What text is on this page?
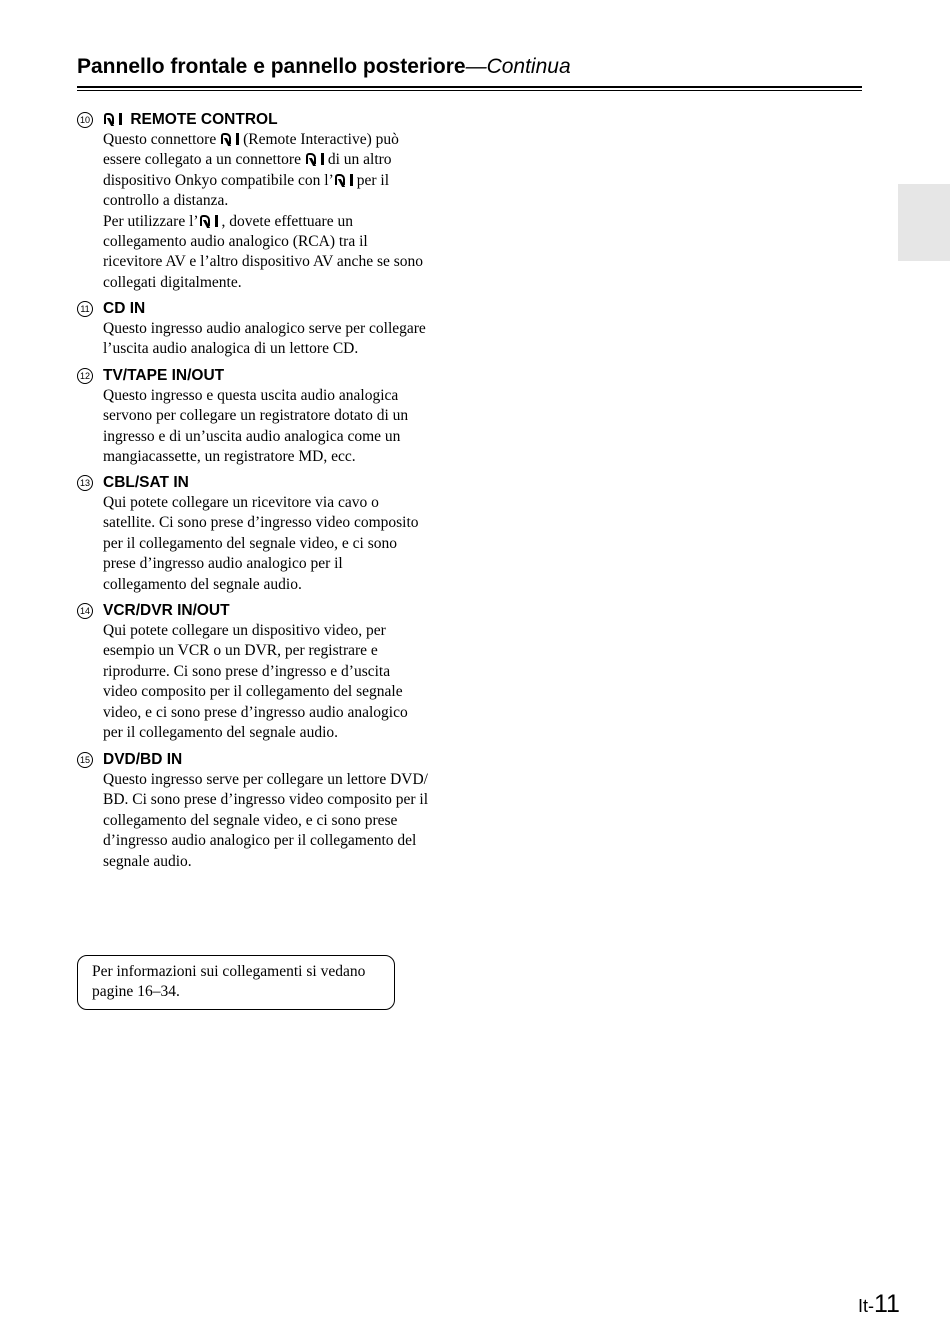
Pannello frontale e pannello posteriore—Continua
10	REMOTE CONTROL
Questo connettore
(Remote Interactive) può
essere collegato a un connettore
di un altro
dispositivo Onkyo compatibile con l’ per il
controllo a distanza.
Per utilizzare l’ , dovete effettuare un
collegamento audio analogico (RCA) tra il
ricevitore AV e l’altro dispositivo AV anche se sono
collegati digitalmente.
11 CD IN
Questo ingresso audio analogico serve per collegare
l’uscita audio analogica di un lettore CD.
12 TV/TAPE IN/OUT
Questo ingresso e questa uscita audio analogica
servono per collegare un registratore dotato di un
ingresso e di un’uscita audio analogica come un
mangiacassette, un registratore MD, ecc.
13 CBL/SAT IN
Qui potete collegare un ricevitore via cavo o
satellite. Ci sono prese d’ingresso video composito
per il collegamento del segnale video, e ci sono
prese d’ingresso audio analogico per il
collegamento del segnale audio.
14 VCR/DVR IN/OUT
Qui potete collegare un dispositivo video, per
esempio un VCR o un DVR, per registrare e
riprodurre. Ci sono prese d’ingresso e d’uscita
video composito per il collegamento del segnale
video, e ci sono prese d’ingresso audio analogico
per il collegamento del segnale audio.
15 DVD/BD IN
Questo ingresso serve per collegare un lettore DVD/
BD. Ci sono prese d’ingresso video composito per il
collegamento del segnale video, e ci sono prese
d’ingresso audio analogico per il collegamento del
segnale audio.
Per informazioni sui collegamenti si vedano
pagine 16–34.
It-11
